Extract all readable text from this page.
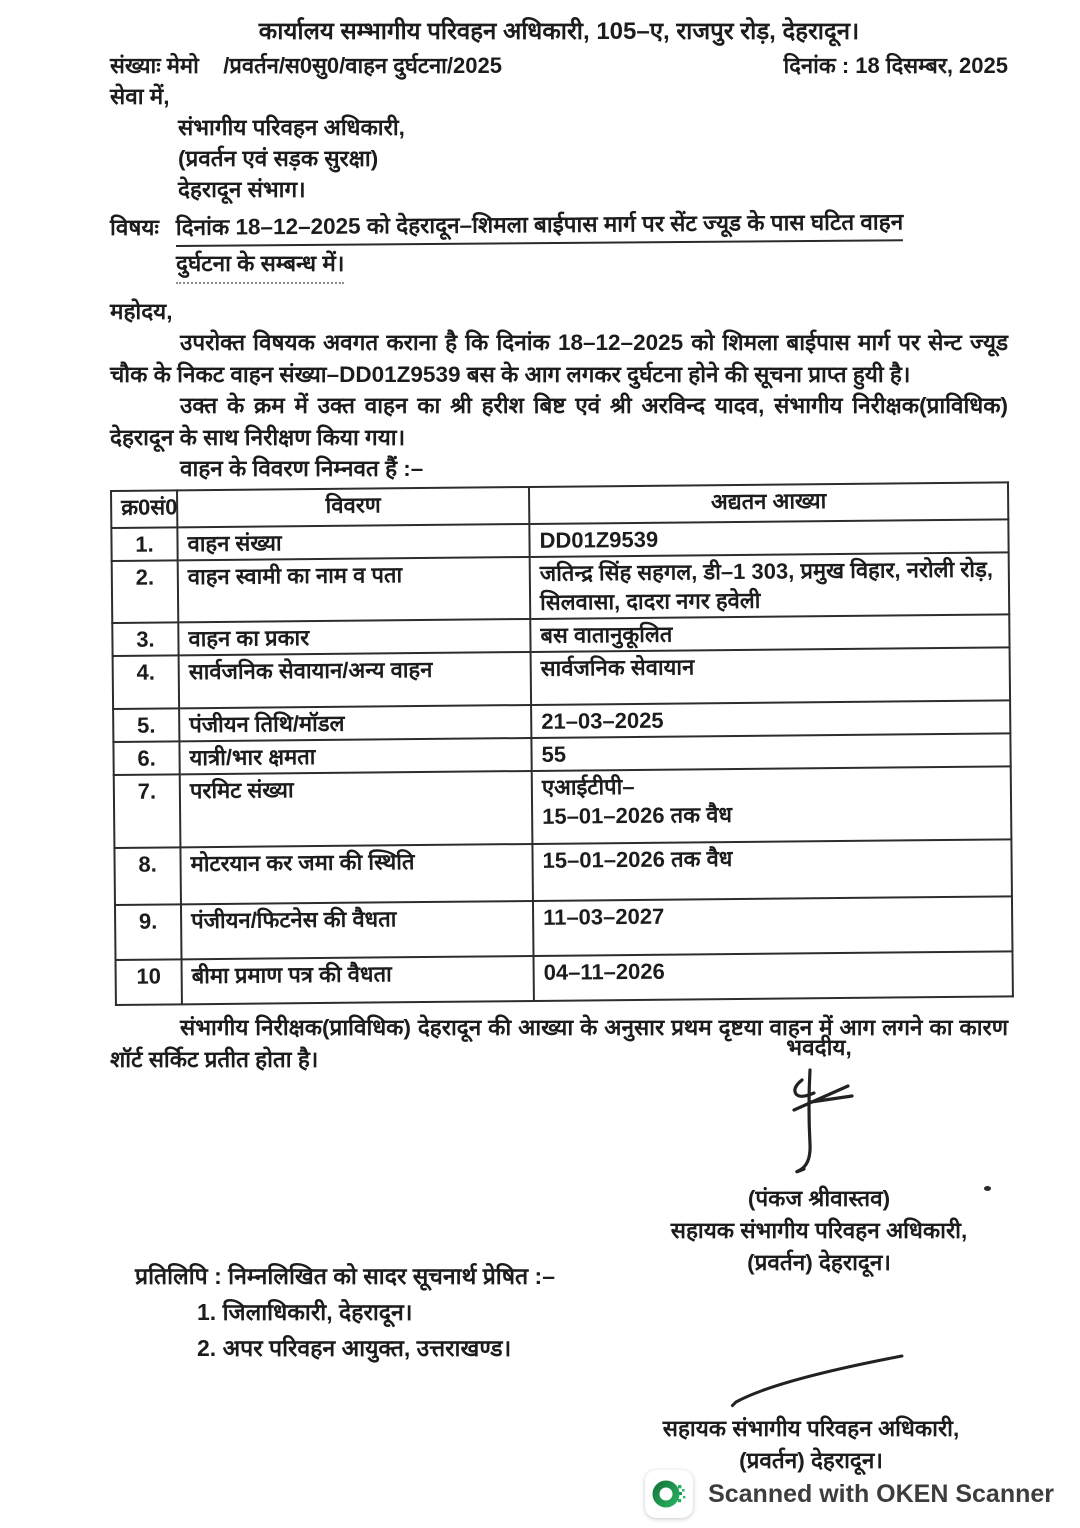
कार्यालय सम्भागीय परिवहन अधिकारी, 105–ए, राजपुर रोड़, देहरादून।
संख्याः मेमो    /प्रवर्तन/स0सु0/वाहन दुर्घटना/2025	दिनांक : 18 दिसम्बर, 2025
सेवा में,
संभागीय परिवहन अधिकारी,
(प्रवर्तन एवं सड़क सुरक्षा)
देहरादून संभाग।
विषयः दिनांक 18–12–2025 को देहरादून–शिमला बाईपास मार्ग पर सेंट ज्यूड के पास घटित वाहन
दुर्घटना के सम्बन्ध में।
महोदय,

उपरोक्त विषयक अवगत कराना है कि दिनांक 18–12–2025 को शिमला बाईपास मार्ग पर सेन्ट ज्यूड चौक के निकट वाहन संख्या–DD01Z9539 बस के आग लगकर दुर्घटना होने की सूचना प्राप्त हुयी है।

उक्त के क्रम में उक्त वाहन का श्री हरीश बिष्ट एवं श्री अरविन्द यादव, संभागीय निरीक्षक(प्राविधिक) देहरादून के साथ निरीक्षण किया गया।

वाहन के विवरण निम्नवत हैं :–
क्र0सं0	विवरण	अद्यतन आख्या
1.	वाहन संख्या	DD01Z9539
2.	वाहन स्वामी का नाम व पता	जतिन्द्र सिंह सहगल, डी–1 303, प्रमुख विहार, नरोली रोड़, सिलवासा, दादरा नगर हवेली
3.	वाहन का प्रकार	बस वातानुकूलित
4.	सार्वजनिक सेवायान/अन्य वाहन	सार्वजनिक सेवायान
5.	पंजीयन तिथि/मॉडल	21–03–2025
6.	यात्री/भार क्षमता	55
7.	परमिट संख्या	एआईटीपी–
15–01–2026 तक वैध

8.	मोटरयान कर जमा की स्थिति	15–01–2026 तक वैध
9.	पंजीयन/फिटनेस की वैधता	11–03–2027
10	बीमा प्रमाण पत्र की वैधता	04–11–2026

संभागीय निरीक्षक(प्राविधिक) देहरादून की आख्या के अनुसार प्रथम दृष्टया वाहन में आग लगने का कारण शॉर्ट सर्किट प्रतीत होता है।	भवदीय,
(पंकज श्रीवास्तव)
सहायक संभागीय परिवहन अधिकारी,
(प्रवर्तन) देहरादून।
प्रतिलिपि : निम्नलिखित को सादर सूचनार्थ प्रेषित :–
1. जिलाधिकारी, देहरादून।
2. अपर परिवहन आयुक्त, उत्तराखण्ड।
सहायक संभागीय परिवहन अधिकारी,
(प्रवर्तन) देहरादून।
Scanned with OKEN Scanner
